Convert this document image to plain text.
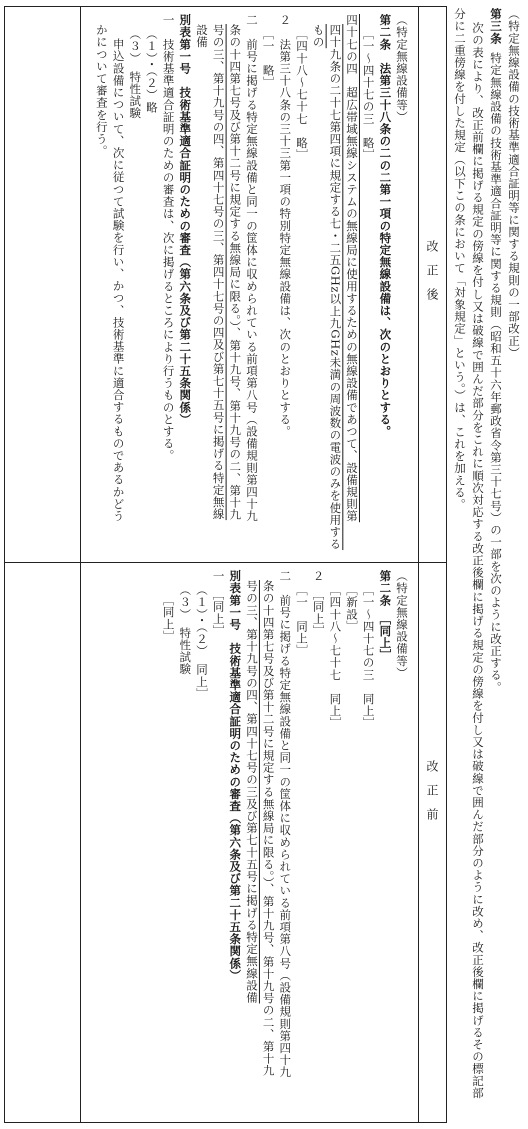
（特定無線設備の技術基準適合証明等に関する規則の一部改正）
第三条特定無線設備の技術基準適合証明等に関する規則（昭和五十六年郵政省令第三十七号）の一部を次のように改正する。
次の表により、改正前欄に掲げる規定の傍線を付し又は破線で囲んだ部分をこれに順次対応する改正後欄に掲げる規定の傍線を付し又は破線で囲んだ部分のように改め、改正後欄に掲げるその標記部
分に二重傍線を付した規定（以下この条において「対象規定」という。）は、これを加える。
改　正　後
改　正　前
（特定無線設備等）
第二条　法第三十八条の二の二第一項の特定無線設備は、次のとおりとする。
［一～四十七の三　略］
四十七の四　超広帯域無線システムの無線局に使用するための無線設備であつて、設備規則第
四十九条の二十七第四項に規定する七・二五GHz以上九GHz未満の周波数の電波のみを使用する
もの
［四十八～七十七　略］
２　法第三十八条の三十三第一項の特別特定無線設備は、次のとおりとする。
［一　略］
二　前号に掲げる特定無線設備と同一の筐体に収められている前項第八号（設備規則第四十九
条の十四第七号及び第十二号に規定する無線局に限る。）、第十九号、第十九号の二、第十九
号の三、第十九号の四、第四十七号の三、第四十七号の四及び第七十五号に掲げる特定無線
設備
別表第一号　技術基準適合証明のための審査（第六条及び第二十五条関係）
一　技術基準適合証明のための審査は、次に掲げるところにより行うものとする。
（１）・（２）略
（３）　特性試験
申込設備について、次に従つて試験を行い、かつ、技術基準に適合するものであるかどう
かについて審査を行う。
（特定無線設備等）
第二条　［同上］
［一～四十七の三　同上］
［新設］
［四十八～七十七　同上］
２　［同上］
［一　同上］
二　前号に掲げる特定無線設備と同一の筐体に収められている前項第八号（設備規則第四十九
条の十四第七号及び第十二号に規定する無線局に限る。）、第十九号、第十九号の二、第十九
号の三、第十九号の四、第四十七号の三及び第七十五号に掲げる特定無線設備
別表第一号　技術基準適合証明のための審査（第六条及び第二十五条関係）
一　［同上］
（１）・（２）　同上］
（３）　特性試験
［同上］
